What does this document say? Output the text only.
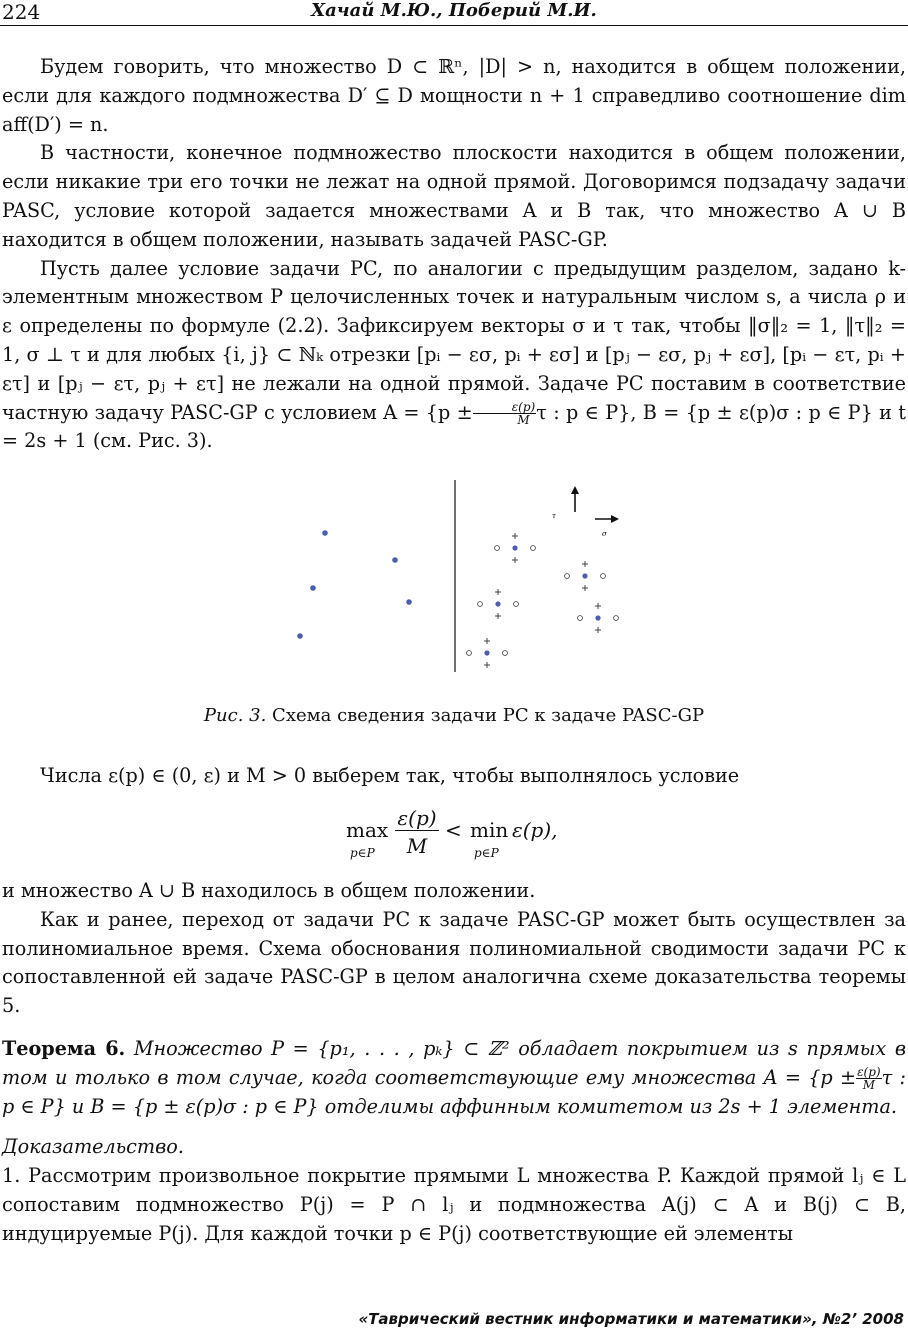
224	Хачай М.Ю., Поберий М.И.

Будем говорить, что множество D ⊂ ℝⁿ, |D| > n, находится в общем положении, если для каждого подмножества D′ ⊆ D мощности n + 1 справедливо соотношение dim aff(D′) = n.

В частности, конечное подмножество плоскости находится в общем положении, если никакие три его точки не лежат на одной прямой. Договоримся подзадачу задачи PASC, условие которой задается множествами A и B так, что множество A ∪ B находится в общем положении, называть задачей PASC-GP.

Пусть далее условие задачи PC, по аналогии с предыдущим разделом, задано k-элементным множеством P целочисленных точек и натуральным числом s, а числа ρ и ε определены по формуле (2.2). Зафиксируем векторы σ и τ так, чтобы ‖σ‖₂ = 1, ‖τ‖₂ = 1, σ ⊥ τ и для любых {i, j} ⊂ ℕₖ отрезки [pᵢ − εσ, pᵢ + εσ] и [pⱼ − εσ, pⱼ + εσ], [pᵢ − ετ, pᵢ + ετ] и [pⱼ − ετ, pⱼ + ετ] не лежали на одной прямой. Задаче PC поставим в соответствие частную задачу PASC-GP с условием $A = \{p \pm \frac{\varepsilon(p)}{M}$ τ : p ∈ P}, B = {p ± ε(p)σ : p ∈ P} и t = 2s + 1 (см. Рис. 3).

τ
σ
Рис. 3. Схема сведения задачи PC к задаче PASC-GP

Числа ε(p) ∈ (0, ε) и M > 0 выберем так, чтобы выполнялось условие

max
p∈P
ε(p)
M
< min
p∈P
ε(p),

и множество A ∪ B находилось в общем положении.

Как и ранее, переход от задачи PC к задаче PASC-GP может быть осуществлен за полиномиальное время. Схема обоснования полиномиальной сводимости задачи PC к сопоставленной ей задаче PASC-GP в целом аналогична схеме доказательства теоремы 5.

Теорема 6. Множество P = {p₁, . . . , pₖ} ⊂ ℤ² обладает покрытием из s прямых в том и только в том случае, когда соответствующие ему множества $A = \{p \pm \frac{\varepsilon(p)}{M}$ τ : p ∈ P} и B = {p ± ε(p)σ : p ∈ P} отделимы аффинным комитетом из 2s + 1 элемента.

Доказательство.

1. Рассмотрим произвольное покрытие прямыми L множества P. Каждой прямой lⱼ ∈ L сопоставим подмножество P(j) = P ∩ lⱼ и подмножества A(j) ⊂ A и B(j) ⊂ B, индуцируемые P(j). Для каждой точки p ∈ P(j) соответствующие ей элементы

«Таврический вестник информатики и математики», №2’ 2008
